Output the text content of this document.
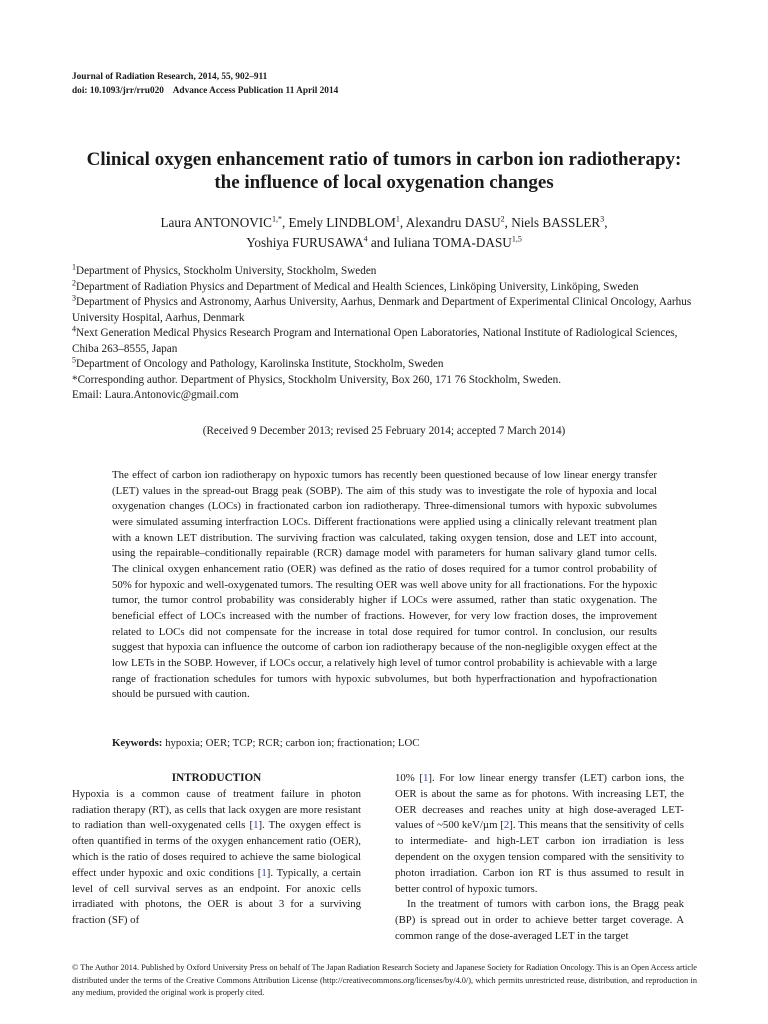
Journal of Radiation Research, 2014, 55, 902–911
doi: 10.1093/jrr/rru020    Advance Access Publication 11 April 2014
Clinical oxygen enhancement ratio of tumors in carbon ion radiotherapy:
the influence of local oxygenation changes
Laura $ANTONOVIC^{1,*}$, Emely LINDBLOM$^1$, Alexandru DASU$^2$, Niels BASSLER$^3$,
Yoshiya FURUSAWA$^4$ and Iuliana TOMA-DASU$^{1,5}$

$^1$Department of Physics, Stockholm University, Stockholm, Sweden

$^2$Department of Radiation Physics and Department of Medical and Health Sciences, Linköping University, Linköping, Sweden

$^3$Department of Physics and Astronomy, Aarhus University, Aarhus, Denmark and Department of Experimental Clinical Oncology, Aarhus University Hospital, Aarhus, Denmark

$^4$Next Generation Medical Physics Research Program and International Open Laboratories, National Institute of Radiological Sciences, Chiba 263–8555, Japan

$^5$Department of Oncology and Pathology, Karolinska Institute, Stockholm, Sweden

*Corresponding author. Department of Physics, Stockholm University, Box 260, 171 76 Stockholm, Sweden.

Email: Laura.Antonovic@gmail.com

(Received 9 December 2013; revised 25 February 2014; accepted 7 March 2014)
The effect of carbon ion radiotherapy on hypoxic tumors has recently been questioned because of low linear energy transfer (LET) values in the spread-out Bragg peak (SOBP). The aim of this study was to investigate the role of hypoxia and local oxygenation changes (LOCs) in fractionated carbon ion radiotherapy. Three-dimensional tumors with hypoxic subvolumes were simulated assuming interfraction LOCs. Different fractionations were applied using a clinically relevant treatment plan with a known LET distribution. The surviving fraction was calculated, taking oxygen tension, dose and LET into account, using the repairable–conditionally repairable (RCR) damage model with parameters for human salivary gland tumor cells. The clinical oxygen enhancement ratio (OER) was defined as the ratio of doses required for a tumor control probability of 50% for hypoxic and well-oxygenated tumors. The resulting OER was well above unity for all fractionations. For the hypoxic tumor, the tumor control probability was considerably higher if LOCs were assumed, rather than static oxygenation. The beneficial effect of LOCs increased with the number of fractions. However, for very low fraction doses, the improvement related to LOCs did not compensate for the increase in total dose required for tumor control. In conclusion, our results suggest that hypoxia can influence the outcome of carbon ion radiotherapy because of the non-negligible oxygen effect at the low LETs in the SOBP. However, if LOCs occur, a relatively high level of tumor control probability is achievable with a large range of fractionation schedules for tumors with hypoxic subvolumes, but both hyperfractionation and hypofractionation should be pursued with caution.
Keywords: hypoxia; OER; TCP; RCR; carbon ion; fractionation; LOC

INTRODUCTION

Hypoxia is a common cause of treatment failure in photon radiation therapy (RT), as cells that lack oxygen are more resistant to radiation than well-oxygenated cells [1]. The oxygen effect is often quantified in terms of the oxygen enhancement ratio (OER), which is the ratio of doses required to achieve the same biological effect under hypoxic and oxic conditions [1]. Typically, a certain level of cell survival serves as an endpoint. For anoxic cells irradiated with photons, the OER is about 3 for a surviving fraction (SF) of

10% [1]. For low linear energy transfer (LET) carbon ions, the OER is about the same as for photons. With increasing LET, the OER decreases and reaches unity at high dose-averaged LET-values of ~500 keV/µm [2]. This means that the sensitivity of cells to intermediate- and high-LET carbon ion irradiation is less dependent on the oxygen tension compared with the sensitivity to photon irradiation. Carbon ion RT is thus assumed to result in better control of hypoxic tumors.

In the treatment of tumors with carbon ions, the Bragg peak (BP) is spread out in order to achieve better target coverage. A common range of the dose-averaged LET in the target

© The Author 2014. Published by Oxford University Press on behalf of The Japan Radiation Research Society and Japanese Society for Radiation Oncology. This is an Open Access article distributed under the terms of the Creative Commons Attribution License (http://creativecommons.org/licenses/by/4.0/), which permits unrestricted reuse, distribution, and reproduction in any medium, provided the original work is properly cited.
